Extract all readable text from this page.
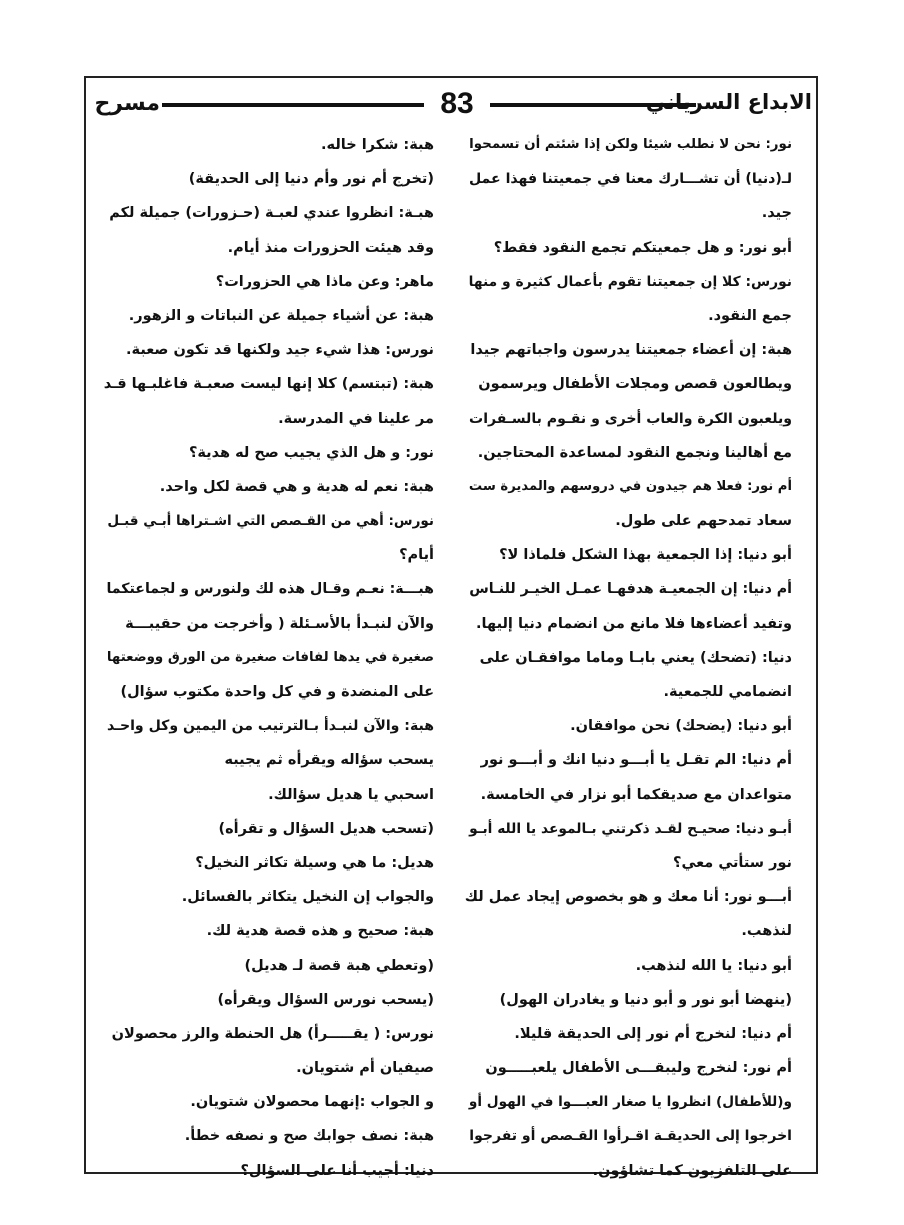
مسرح	83	الابداع السرياني
نور: نحن لا نطلب شيئا ولكن إذا شئتم أن تسمحوا
لـ(دنيا) أن تشـــارك معنا في جمعيتنا فهذا عمل
جيد.
أبو نور: و هل جمعيتكم تجمع النقود فقط؟
نورس: كلا إن جمعيتنا تقوم بأعمال كثيرة و منها
جمع النقود.
هبة: إن أعضاء جمعيتنا يدرسون واجباتهم جيدا
ويطالعون قصص ومجلات الأطفال ويرسمون
ويلعبون الكرة والعاب أخرى و نقـوم بالسـفرات
مع أهالينا ونجمع النقود لمساعدة المحتاجين.
أم نور: فعلا هم جيدون في دروسهم والمديرة ست
سعاد تمدحهم على طول.
أبو دنيا: إذا الجمعية بهذا الشكل فلماذا لا؟
أم دنيا: إن الجمعيـة هدفهـا عمـل الخيـر للنـاس
وتفيد أعضاءها فلا مانع من انضمام دنيا إليها.
دنيا: (تضحك) يعني بابـا وماما موافقـان على
انضمامي للجمعية.
أبو دنيا: (يضحك) نحن موافقان.
أم دنيا: الم تقـل يا أبـــو دنيا انك و أبـــو نور
متواعدان مع صديقكما أبو نزار في الخامسة.
أبـو دنيا: صحيـح لقـد ذكرتني بـالموعد يا الله أبـو
نور ستأتي معي؟
أبـــو نور: أنا معك و هو بخصوص إيجاد عمل لك
لنذهب.
أبو دنيا: يا الله لنذهب.
(ينهضا أبو نور و أبو دنيا و يغادران الهول)
أم دنيا: لنخرج أم نور إلى الحديقة قليلا.
أم نور: لنخرج وليبقـــى الأطفال يلعبـــــون
و(للأطفال) انظروا يا صغار العبـــوا في الهول أو
اخرجوا إلى الحديقـة اقـرأوا القـصص أو تفرجوا
على التلفزيون كما تشاؤون.
هبة: شكرا خاله.
(تخرج أم نور وأم دنيا إلى الحديقة)
هبـة: انظروا عندي لعبـة (حـزورات) جميلة لكم
وقد هيئت الحزورات منذ أيام.
ماهر: وعن ماذا هي الحزورات؟
هبة: عن أشياء جميلة عن النباتات و الزهور.
نورس: هذا شيء جيد ولكنها قد تكون صعبة.
هبة: (تبتسم) كلا إنها ليست صعبـة فاغلبـها قـد
مر علينا في المدرسة.
نور: و هل الذي يجيب صح له هدية؟
هبة: نعم له هدية و هي قصة لكل واحد.
نورس: أهي من القـصص التي اشـتراها أبـي قبـل
أيام؟
هبـــة: نعـم وقـال هذه لك ولنورس و لجماعتكما
والآن لنبـدأ بالأسـئلة ( وأخرجت من حقيبـــة
صغيرة في يدها لفافات صغيرة من الورق ووضعتها
على المنضدة و في كل واحدة مكتوب سؤال)
هبة: والآن لنبـدأ بـالترتيب من اليمين وكل واحـد
يسحب سؤاله ويقرأه ثم يجيبه
اسحبي يا هديل سؤالك.
(تسحب هديل السؤال و تقرأه)
هديل: ما هي وسيلة تكاثر النخيل؟
والجواب إن النخيل يتكاثر بالفسائل.
هبة: صحيح و هذه قصة هدية لك.
(وتعطي هبة قصة لـ هديل)
(يسحب نورس السؤال ويقرأه)
نورس: ( يقـــــرأ) هل الحنطة والرز محصولان
صيفيان أم شتويان.
و الجواب :إنهما محصولان شتويان.
هبة: نصف جوابك صح و نصفه خطأ.
دنيا: أجيب أنا على السؤال؟
